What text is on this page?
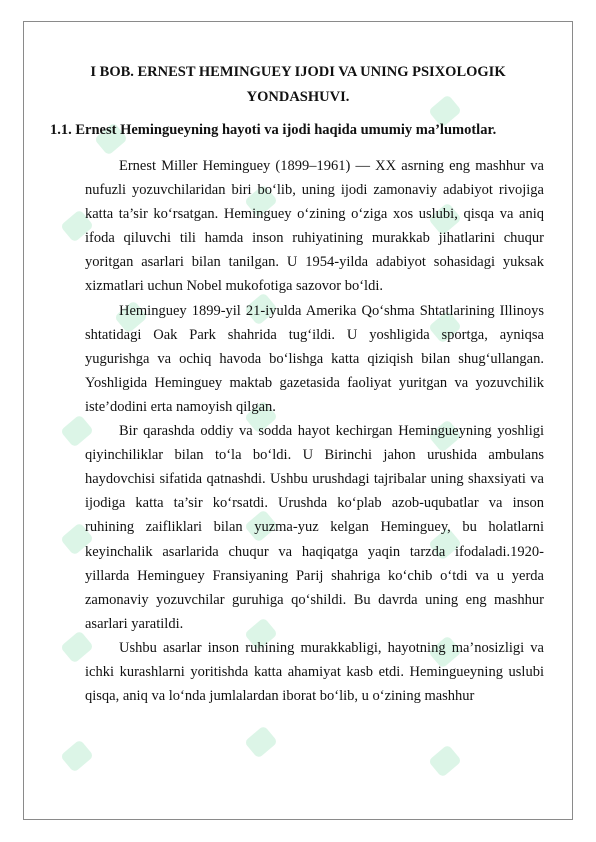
I BOB. ERNEST HEMINGUEY IJODI VA UNING PSIXOLOGIK YONDASHUVI.
1.1. Ernest Hemingueyning hayoti va ijodi haqida umumiy ma’lumotlar.

Ernest Miller Heminguey (1899–1961) — XX asrning eng mashhur va nufuzli yozuvchilaridan biri bo‘lib, uning ijodi zamonaviy adabiyot rivojiga katta ta’sir ko‘rsatgan. Heminguey o‘zining o‘ziga xos uslubi, qisqa va aniq ifoda qiluvchi tili hamda inson ruhiyatining murakkab jihatlarini chuqur yoritgan asarlari bilan tanilgan. U 1954-yilda adabiyot sohasidagi yuksak xizmatlari uchun Nobel mukofotiga sazovor bo‘ldi.

Heminguey 1899-yil 21-iyulda Amerika Qo‘shma Shtatlarining Illinoys shtatidagi Oak Park shahrida tug‘ildi. U yoshligida sportga, ayniqsa yugurishga va ochiq havoda bo‘lishga katta qiziqish bilan shug‘ullangan. Yoshligida Heminguey maktab gazetasida faoliyat yuritgan va yozuvchilik iste’dodini erta namoyish qilgan.

Bir qarashda oddiy va sodda hayot kechirgan Hemingueyning yoshligi qiyinchiliklar bilan to‘la bo‘ldi. U Birinchi jahon urushida ambulans haydovchisi sifatida qatnashdi. Ushbu urushdagi tajribalar uning shaxsiyati va ijodiga katta ta’sir ko‘rsatdi. Urushda ko‘plab azob-uqubatlar va inson ruhining zaifliklari bilan yuzma-yuz kelgan Heminguey, bu holatlarni keyinchalik asarlarida chuqur va haqiqatga yaqin tarzda ifodaladi.1920-yillarda Heminguey Fransiyaning Parij shahriga ko‘chib o‘tdi va u yerda zamonaviy yozuvchilar guruhiga qo‘shildi. Bu davrda uning eng mashhur asarlari yaratildi.

Ushbu asarlar inson ruhining murakkabligi, hayotning ma’nosizligi va ichki kurashlarni yoritishda katta ahamiyat kasb etdi. Hemingueyning uslubi qisqa, aniq va lo‘nda jumlalardan iborat bo‘lib, u o‘zining mashhur
